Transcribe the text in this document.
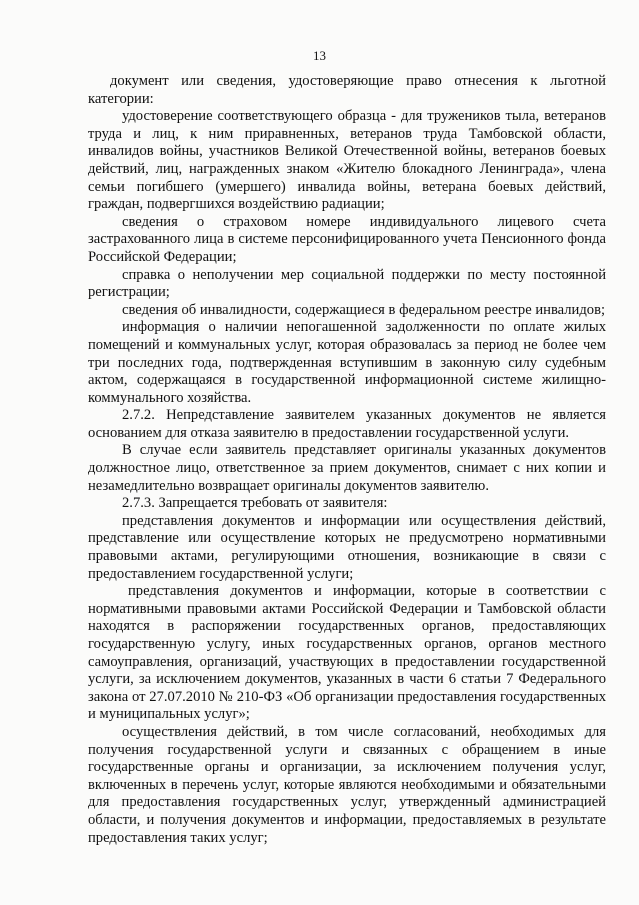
13

документ или сведения, удостоверяющие право отнесения к льготной категории:

удостоверение соответствующего образца - для тружеников тыла, ветеранов труда и лиц, к ним приравненных, ветеранов труда Тамбовской области, инвалидов войны, участников Великой Отечественной войны, ветеранов боевых действий, лиц, награжденных знаком «Жителю блокадного Ленинграда», члена семьи погибшего (умершего) инвалида войны, ветерана боевых действий, граждан, подвергшихся воздействию радиации;

сведения о страховом номере индивидуального лицевого счета застрахованного лица в системе персонифицированного учета Пенсионного фонда Российской Федерации;

справка о неполучении мер социальной поддержки по месту постоянной регистрации;

сведения об инвалидности, содержащиеся в федеральном реестре инвалидов;

информация о наличии непогашенной задолженности по оплате жилых помещений и коммунальных услуг, которая образовалась за период не более чем три последних года, подтвержденная вступившим в законную силу судебным актом, содержащаяся в государственной информационной системе жилищно-коммунального хозяйства.

2.7.2. Непредставление заявителем указанных документов не является основанием для отказа заявителю в предоставлении государственной услуги.

В случае если заявитель представляет оригиналы указанных документов должностное лицо, ответственное за прием документов, снимает с них копии и незамедлительно возвращает оригиналы документов заявителю.

2.7.3. Запрещается требовать от заявителя:

представления документов и информации или осуществления действий, представление или осуществление которых не предусмотрено нормативными правовыми актами, регулирующими отношения, возникающие в связи с предоставлением государственной услуги;

представления документов и информации, которые в соответствии с нормативными правовыми актами Российской Федерации и Тамбовской области находятся в распоряжении государственных органов, предоставляющих государственную услугу, иных государственных органов, органов местного самоуправления, организаций, участвующих в предоставлении государственной услуги, за исключением документов, указанных в части 6 статьи 7 Федерального закона от 27.07.2010 № 210-ФЗ «Об организации предоставления государственных и муниципальных услуг»;

осуществления действий, в том числе согласований, необходимых для получения государственной услуги и связанных с обращением в иные государственные органы и организации, за исключением получения услуг, включенных в перечень услуг, которые являются необходимыми и обязательными для предоставления государственных услуг, утвержденный администрацией области, и получения документов и информации, предоставляемых в результате предоставления таких услуг;
